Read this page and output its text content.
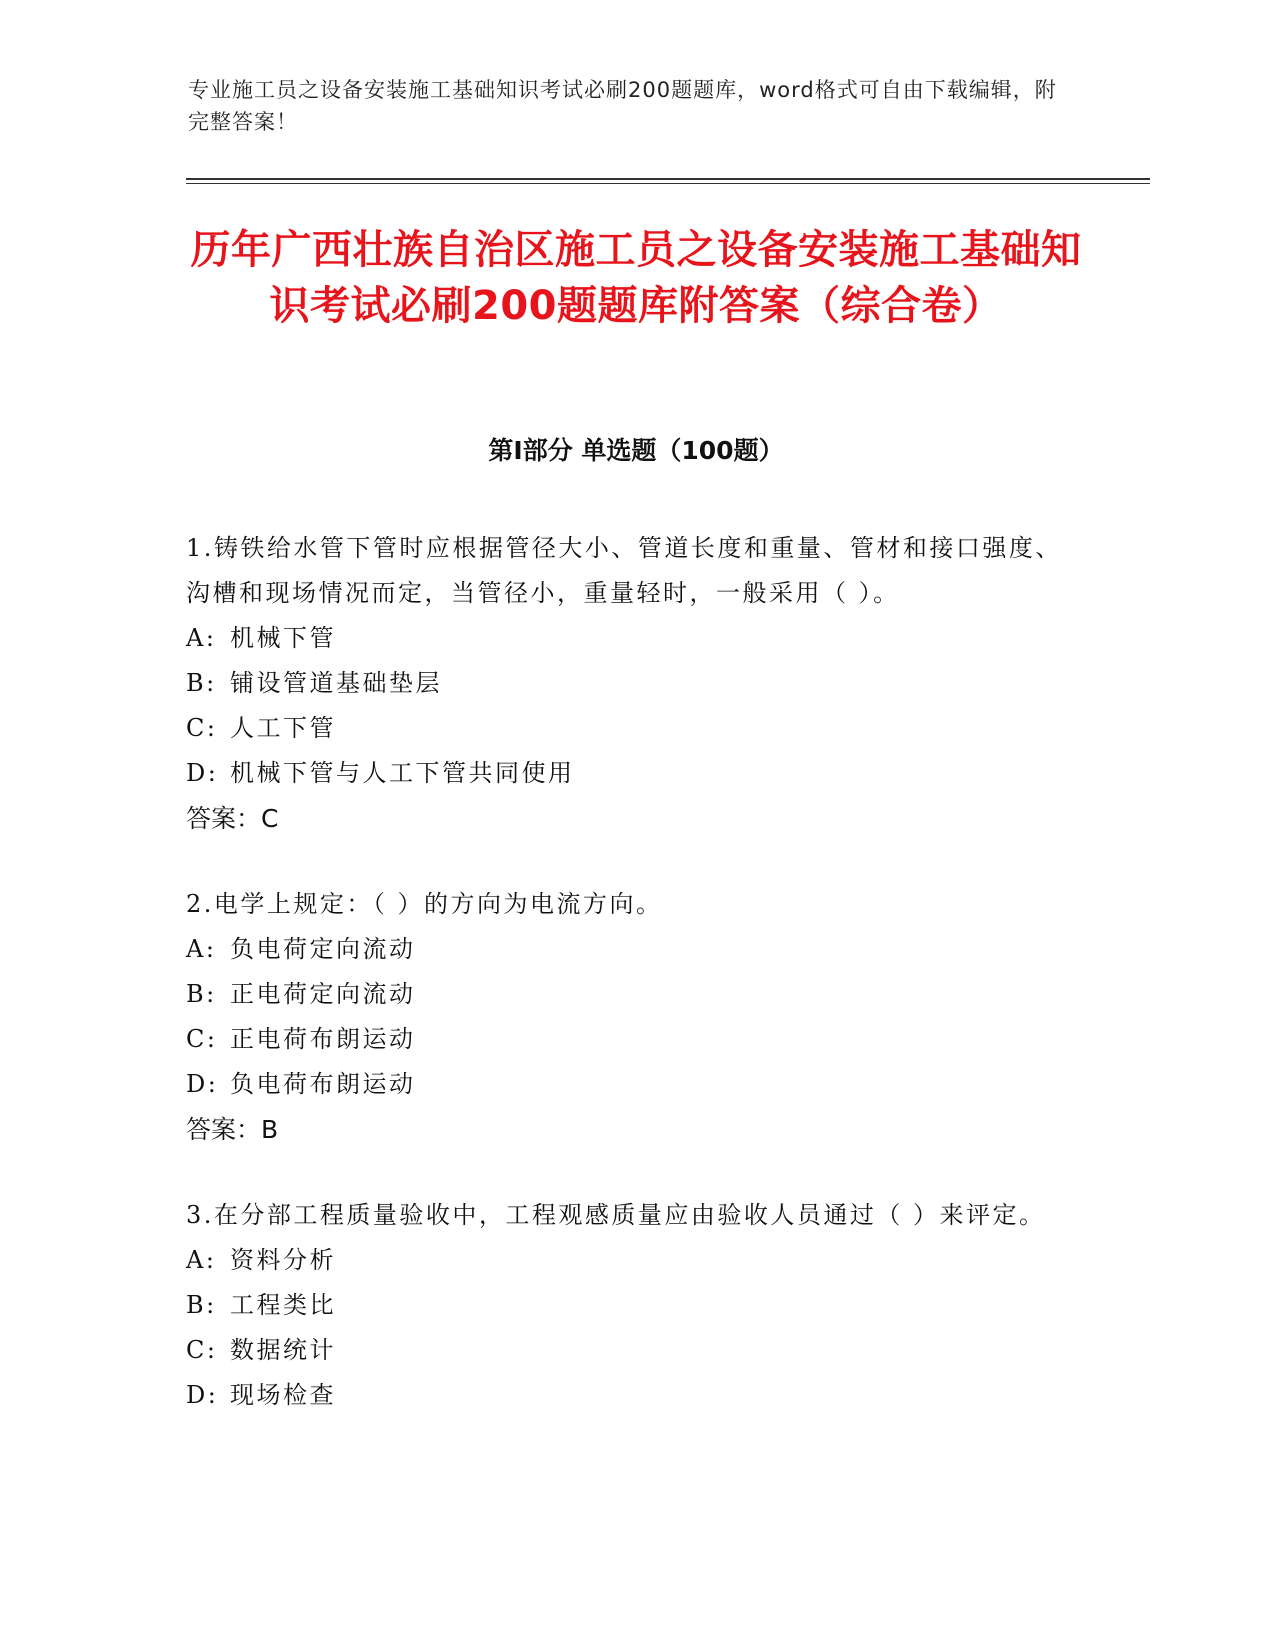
专业施工员之设备安装施工基础知识考试必刷200题题库，word格式可自由下载编辑，附完整答案！
历年广西壮族自治区施工员之设备安装施工基础知识考试必刷200题题库附答案（综合卷）
第I部分 单选题（100题）

1.铸铁给水管下管时应根据管径大小、管道长度和重量、管材和接口强度、沟槽和现场情况而定，当管径小，重量轻时，一般采用（ ）。

A: 机械下管
B: 铺设管道基础垫层
C: 人工下管
D: 机械下管与人工下管共同使用

答案：C

2.电学上规定：（ ）的方向为电流方向。

A: 负电荷定向流动
B: 正电荷定向流动
C: 正电荷布朗运动
D: 负电荷布朗运动

答案：B

3.在分部工程质量验收中，工程观感质量应由验收人员通过（ ）来评定。

A: 资料分析
B: 工程类比
C: 数据统计
D: 现场检查
